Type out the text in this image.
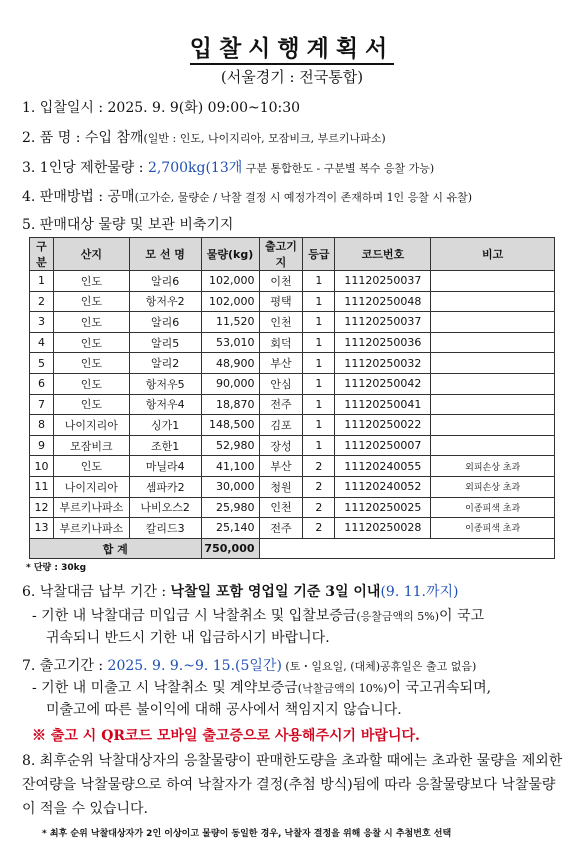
입찰시행계획서
(서울경기 : 전국통합)
1. 입찰일시 : 2025. 9. 9(화) 09:00~10:30
2. 품 명 : 수입 참깨(일반 : 인도, 나이지리아, 모잠비크, 부르키나파소)
3. 1인당 제한물량 : 2,700kg(13개 구분 통합한도 - 구분별 복수 응찰 가능)
4. 판매방법 : 공매(고가순, 물량순 / 낙찰 결정 시 예정가격이 존재하며 1인 응찰 시 유찰)
5. 판매대상 물량 및 보관 비축기지
구분	산지	모 선 명	물량(kg)	출고기지	등급	코드번호	비고
1	인도	알리6	102,000	이천	1	11120250037	
2	인도	항저우2	102,000	평택	1	11120250048	
3	인도	알리6	11,520	인천	1	11120250037	
4	인도	알리5	53,010	회덕	1	11120250036	
5	인도	알리2	48,900	부산	1	11120250032	
6	인도	항저우5	90,000	안심	1	11120250042	
7	인도	항저우4	18,870	전주	1	11120250041	
8	나이지리아	싱가1	148,500	김포	1	11120250022	
9	모잠비크	조한1	52,980	장성	1	11120250007	
10	인도	마닐라4	41,100	부산	2	11120240055	외피손상 초과
11	나이지리아	셈파카2	30,000	청원	2	11120240052	외피손상 초과
12	부르키나파소	나비오스2	25,980	인천	2	11120250025	이종피색 초과
13	부르키나파소	칼리드3	25,140	전주	2	11120250028	이종피색 초과
합 계			750,000				
* 단량 : 30kg
6. 낙찰대금 납부 기간 : 낙찰일 포함 영업일 기준 3일 이내(9. 11.까지)
- 기한 내 낙찰대금 미입금 시 낙찰취소 및 입찰보증금(응찰금액의 5%)이 국고
귀속되니 반드시 기한 내 입금하시기 바랍니다.
7. 출고기간 : 2025. 9. 9.~9. 15.(5일간) (토・일요일, (대체)공휴일은 출고 없음)
- 기한 내 미출고 시 낙찰취소 및 계약보증금(낙찰금액의 10%)이 국고귀속되며,
미출고에 따른 불이익에 대해 공사에서 책임지지 않습니다.
※ 출고 시 QR코드 모바일 출고증으로 사용해주시기 바랍니다.
8. 최후순위 낙찰대상자의 응찰물량이 판매한도량을 초과할 때에는 초과한 물량을 제외한 잔여량을 낙찰물량으로 하여 낙찰자가 결정(추첨 방식)됨에 따라 응찰물량보다 낙찰물량이 적을 수 있습니다.
* 최후 순위 낙찰대상자가 2인 이상이고 물량이 동일한 경우, 낙찰자 결정을 위해 응찰 시 추첨번호 선택
